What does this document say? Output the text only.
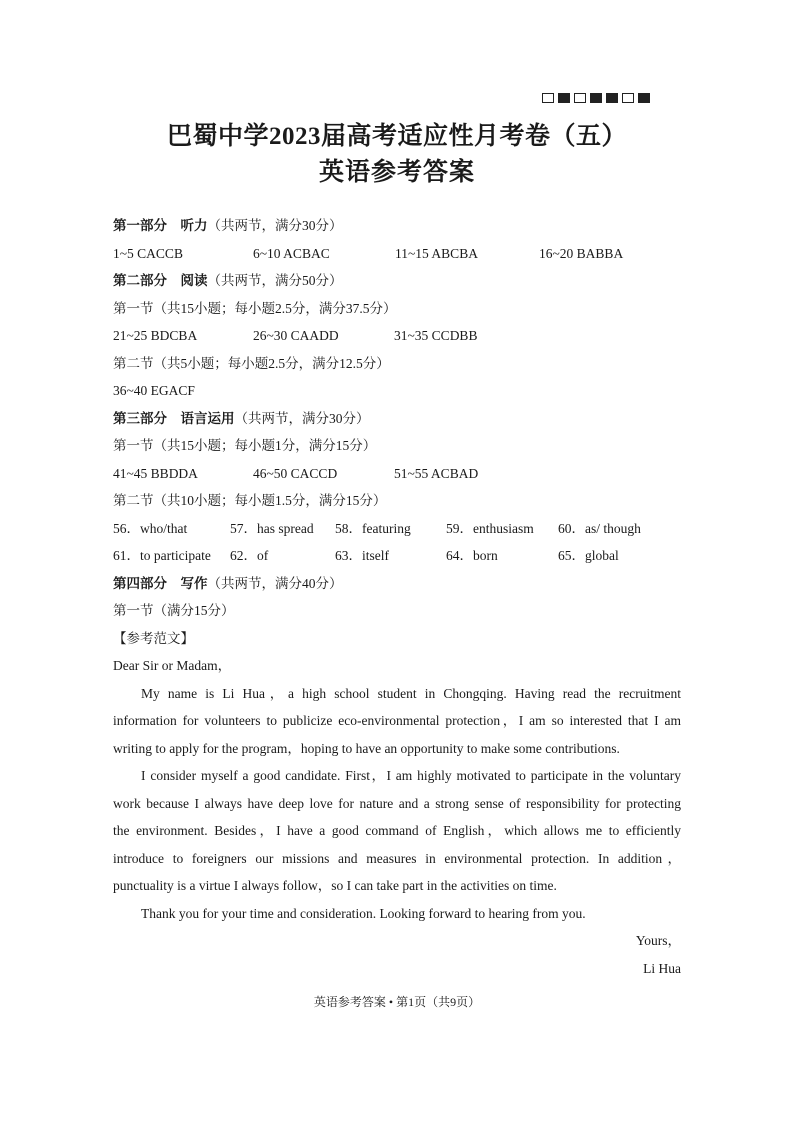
巴蜀中学2023届高考适应性月考卷（五）
英语参考答案
第一部分　听力（共两节，满分30分）
1~5 CACCB	6~10 ACBAC	11~15 ABCBA	16~20 BABBA
第二部分　阅读（共两节，满分50分）
第一节（共15小题；每小题2.5分，满分37.5分）
21~25 BDCBA	26~30 CAADD	31~35 CCDBB
第二节（共5小题；每小题2.5分，满分12.5分）
36~40 EGACF
第三部分　语言运用（共两节，满分30分）
第一节（共15小题；每小题1分，满分15分）
41~45 BBDDA	46~50 CACCD	51~55 ACBAD
第二节（共10小题；每小题1.5分，满分15分）
56．who/that	57．has spread	58．featuring	59．enthusiasm	60．as/ though
61．to participate	62．of	63．itself	64．born	65．global
第四部分　写作（共两节，满分40分）
第一节（满分15分）
【参考范文】
Dear Sir or Madam，
My name is Li Hua，a high school student in Chongqing. Having read the recruitment
information for volunteers to publicize eco-environmental protection，I am so interested that I am
writing to apply for the program，hoping to have an opportunity to make some contributions.
I consider myself a good candidate. First，I am highly motivated to participate in the voluntary
work because I always have deep love for nature and a strong sense of responsibility for protecting
the environment. Besides，I have a good command of English，which allows me to efficiently
introduce to foreigners our missions and measures in environmental protection. In addition，
punctuality is a virtue I always follow，so I can take part in the activities on time.
Thank you for your time and consideration. Looking forward to hearing from you.
Yours，
Li Hua
英语参考答案 • 第1页（共9页）
